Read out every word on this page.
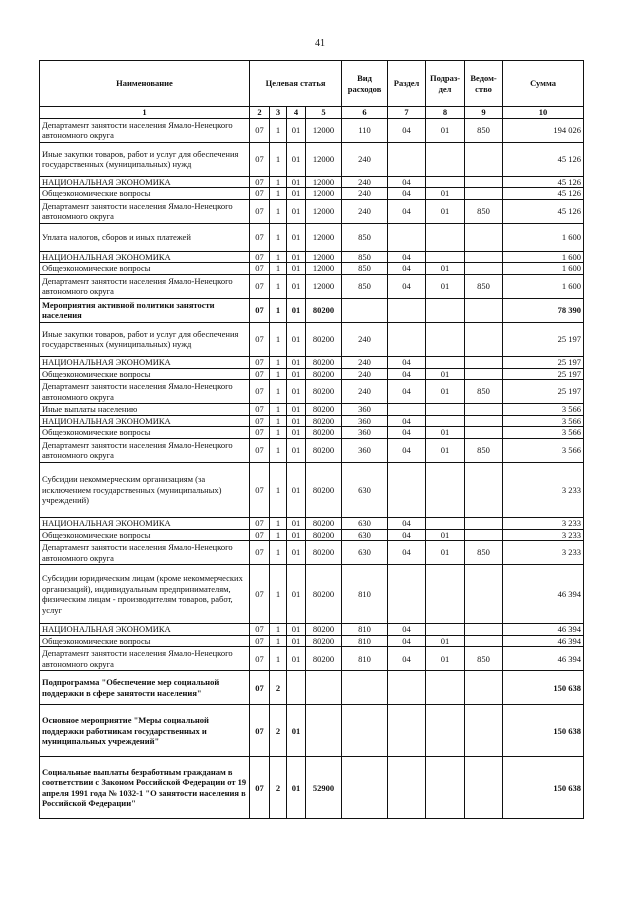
41
Наименование	Целевая статья				Вид расходов	Раздел	Подраз-дел	Ведом-ство	Сумма
1	2	3	4	5	6	7	8	9	10
Департамент занятости населения Ямало-Ненецкого автономного округа	07	1	01	12000	110	04	01	850	194 026
Иные закупки товаров, работ и услуг для обеспечения государственных (муниципальных) нужд	07	1	01	12000	240				45 126
НАЦИОНАЛЬНАЯ ЭКОНОМИКА	07	1	01	12000	240	04			45 126
Общеэкономические вопросы	07	1	01	12000	240	04	01		45 126
Департамент занятости населения Ямало-Ненецкого автономного округа	07	1	01	12000	240	04	01	850	45 126
Уплата налогов, сборов и иных платежей	07	1	01	12000	850				1 600
НАЦИОНАЛЬНАЯ ЭКОНОМИКА	07	1	01	12000	850	04			1 600
Общеэкономические вопросы	07	1	01	12000	850	04	01		1 600
Департамент занятости населения Ямало-Ненецкого автономного округа	07	1	01	12000	850	04	01	850	1 600
Мероприятия активной политики занятости населения	07	1	01	80200					78 390
Иные закупки товаров, работ и услуг для обеспечения государственных (муниципальных) нужд	07	1	01	80200	240				25 197
НАЦИОНАЛЬНАЯ ЭКОНОМИКА	07	1	01	80200	240	04			25 197
Общеэкономические вопросы	07	1	01	80200	240	04	01		25 197
Департамент занятости населения Ямало-Ненецкого автономного округа	07	1	01	80200	240	04	01	850	25 197
Иные выплаты населению	07	1	01	80200	360				3 566
НАЦИОНАЛЬНАЯ ЭКОНОМИКА	07	1	01	80200	360	04			3 566
Общеэкономические вопросы	07	1	01	80200	360	04	01		3 566
Департамент занятости населения Ямало-Ненецкого автономного округа	07	1	01	80200	360	04	01	850	3 566
Субсидии некоммерческим организациям (за исключением государственных (муниципальных) учреждений)	07	1	01	80200	630				3 233
НАЦИОНАЛЬНАЯ ЭКОНОМИКА	07	1	01	80200	630	04			3 233
Общеэкономические вопросы	07	1	01	80200	630	04	01		3 233
Департамент занятости населения Ямало-Ненецкого автономного округа	07	1	01	80200	630	04	01	850	3 233
Субсидии юридическим лицам (кроме некоммерческих организаций), индивидуальным предпринимателям, физическим лицам - производителям товаров, работ, услуг	07	1	01	80200	810				46 394
НАЦИОНАЛЬНАЯ ЭКОНОМИКА	07	1	01	80200	810	04			46 394
Общеэкономические вопросы	07	1	01	80200	810	04	01		46 394
Департамент занятости населения Ямало-Ненецкого автономного округа	07	1	01	80200	810	04	01	850	46 394
Подпрограмма "Обеспечение мер социальной поддержки в сфере занятости населения"	07	2							150 638
Основное мероприятие "Меры социальной поддержки работникам государственных и муниципальных учреждений"	07	2	01						150 638
Социальные выплаты безработным гражданам в соответствии с Законом Российской Федерации от 19 апреля 1991 года № 1032-1 "О занятости населения в Российской Федерации"	07	2	01	52900					150 638
